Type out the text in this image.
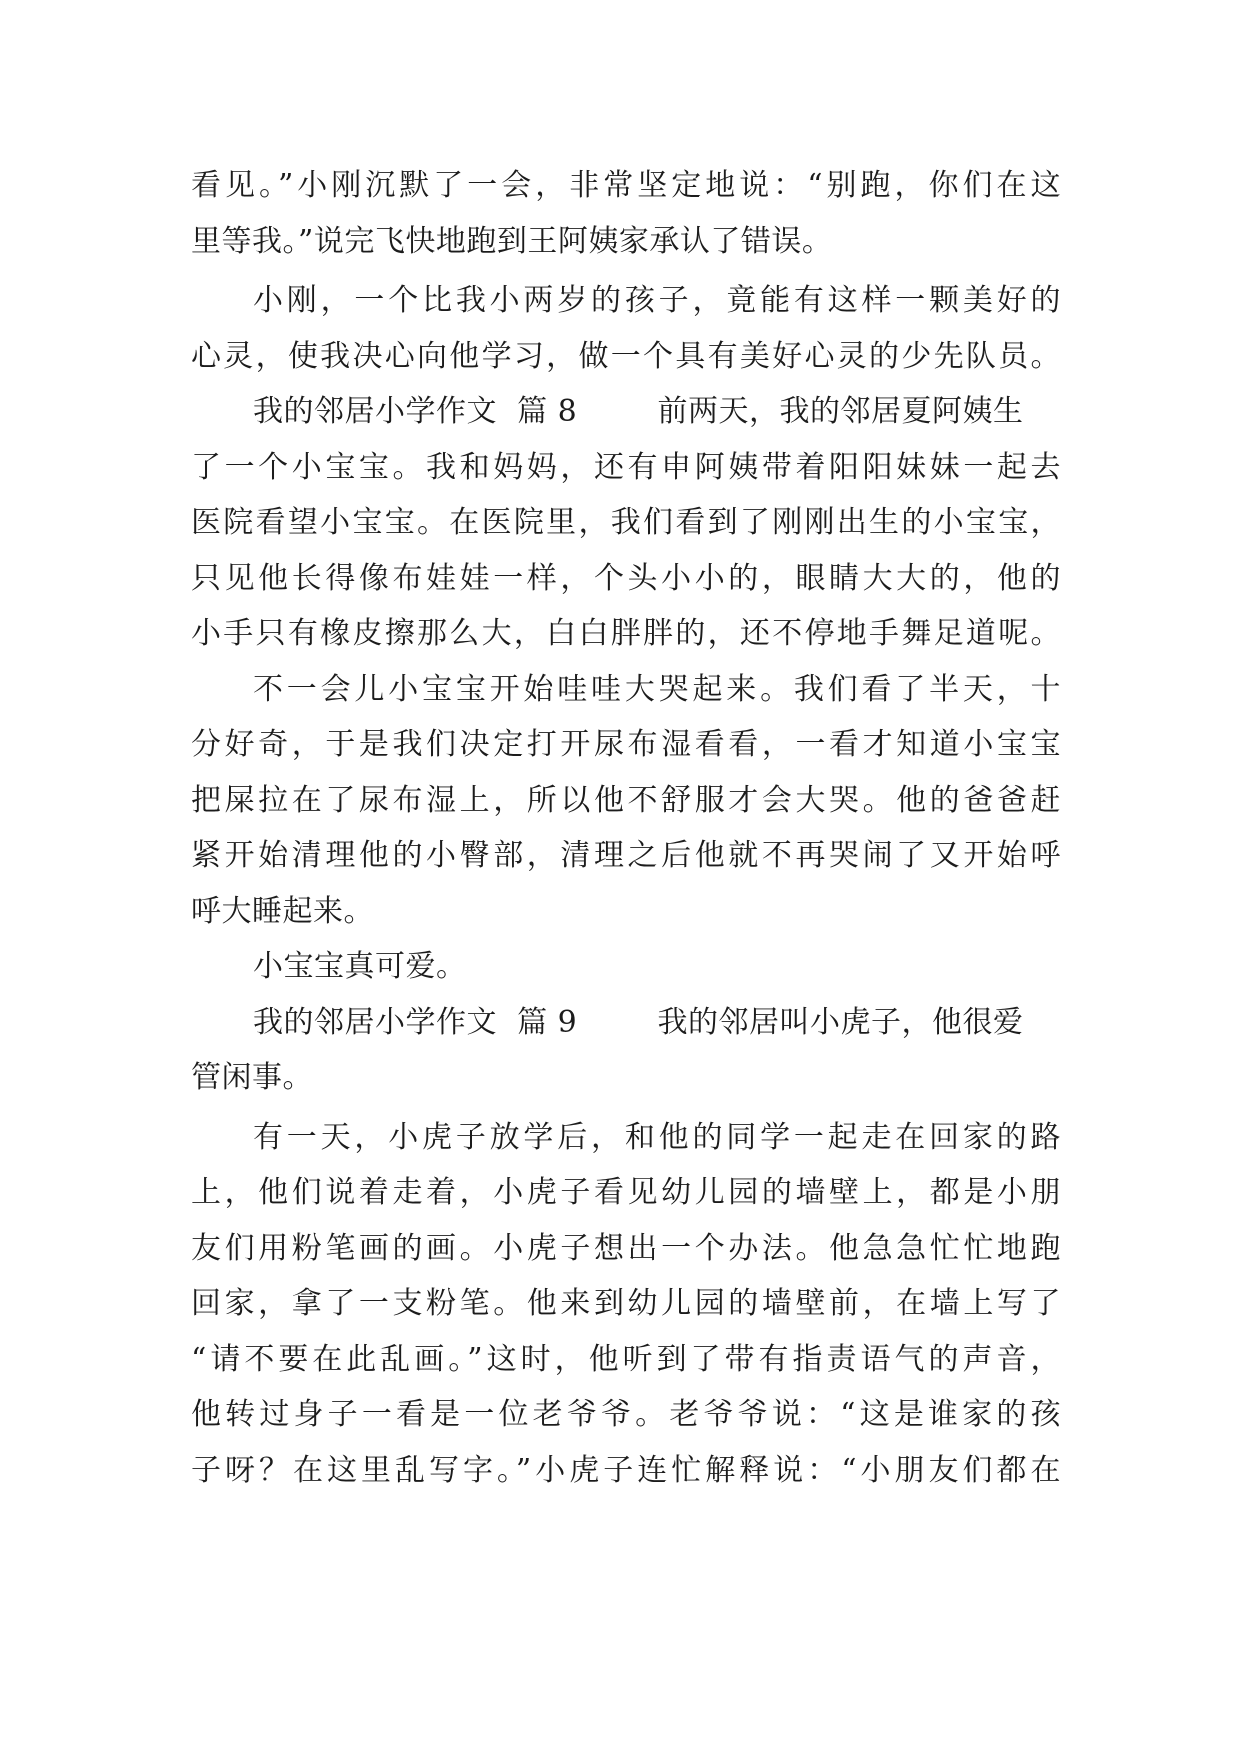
看见。”小刚沉默了一会，非常坚定地说：“别跑，你们在这
里等我。”说完飞快地跑到王阿姨家承认了错误。
小刚，一个比我小两岁的孩子，竟能有这样一颗美好的
心灵，使我决心向他学习，做一个具有美好心灵的少先队员。
我的邻居小学作文  篇 8        前两天，我的邻居夏阿姨生
了一个小宝宝。我和妈妈，还有申阿姨带着阳阳妹妹一起去
医院看望小宝宝。在医院里，我们看到了刚刚出生的小宝宝，
只见他长得像布娃娃一样，个头小小的，眼睛大大的，他的
小手只有橡皮擦那么大，白白胖胖的，还不停地手舞足道呢。
不一会儿小宝宝开始哇哇大哭起来。我们看了半天，十
分好奇，于是我们决定打开尿布湿看看，一看才知道小宝宝
把屎拉在了尿布湿上，所以他不舒服才会大哭。他的爸爸赶
紧开始清理他的小臀部，清理之后他就不再哭闹了又开始呼
呼大睡起来。
小宝宝真可爱。
我的邻居小学作文  篇 9        我的邻居叫小虎子，他很爱
管闲事。
有一天，小虎子放学后，和他的同学一起走在回家的路
上，他们说着走着，小虎子看见幼儿园的墙壁上，都是小朋
友们用粉笔画的画。小虎子想出一个办法。他急急忙忙地跑
回家，拿了一支粉笔。他来到幼儿园的墙壁前，在墙上写了
“请不要在此乱画。”这时，他听到了带有指责语气的声音，
他转过身子一看是一位老爷爷。老爷爷说：“这是谁家的孩
子呀？在这里乱写字。”小虎子连忙解释说：“小朋友们都在
